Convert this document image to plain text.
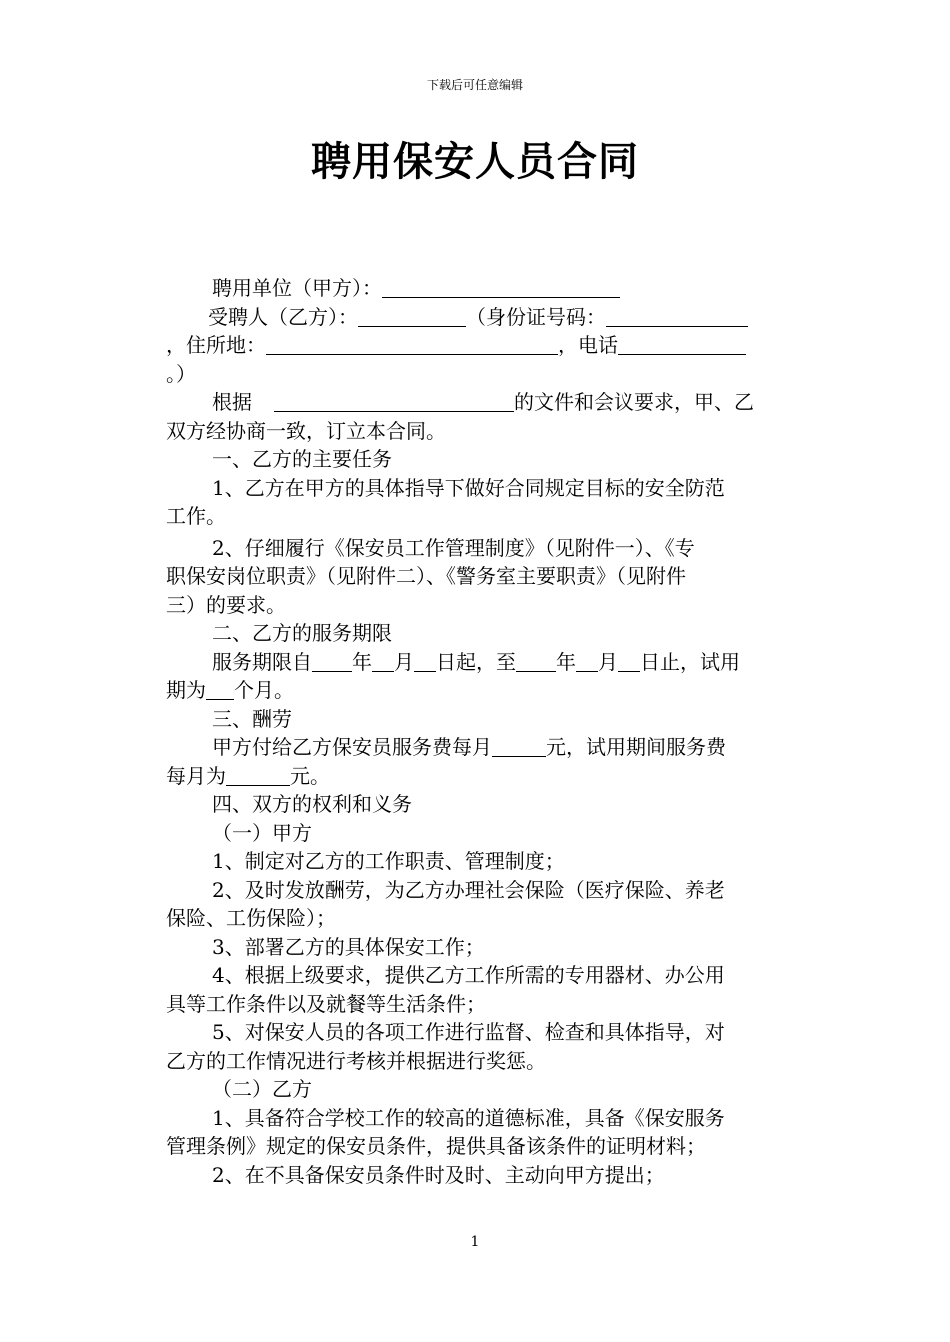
下载后可任意编辑
聘用保安人员合同
聘用单位（甲方）：
受聘人（乙方）：	（身份证号码：
，住所地：	，电话
。）
根据	的文件和会议要求，甲、乙
双方经协商一致，订立本合同。
一、乙方的主要任务
1、乙方在甲方的具体指导下做好合同规定目标的安全防范
工作。
2、仔细履行《保安员工作管理制度》（见附件一）、《专
职保安岗位职责》（见附件二）、《警务室主要职责》（见附件
三）的要求。
二、乙方的服务期限
服务期限自 年 月 日起，至 年 月 日止，试用
期为 个月。
三、酬劳
甲方付给乙方保安员服务费每月	元，试用期间服务费
每月为	元。
四、双方的权利和义务
（一）甲方
1、制定对乙方的工作职责、管理制度；
2、及时发放酬劳，为乙方办理社会保险（医疗保险、养老
保险、工伤保险）；
3、部署乙方的具体保安工作；
4、根据上级要求，提供乙方工作所需的专用器材、办公用
具等工作条件以及就餐等生活条件；
5、对保安人员的各项工作进行监督、检查和具体指导，对
乙方的工作情况进行考核并根据进行奖惩。
（二）乙方
1、具备符合学校工作的较高的道德标准，具备《保安服务
管理条例》规定的保安员条件，提供具备该条件的证明材料；
2、在不具备保安员条件时及时、主动向甲方提出；
1
